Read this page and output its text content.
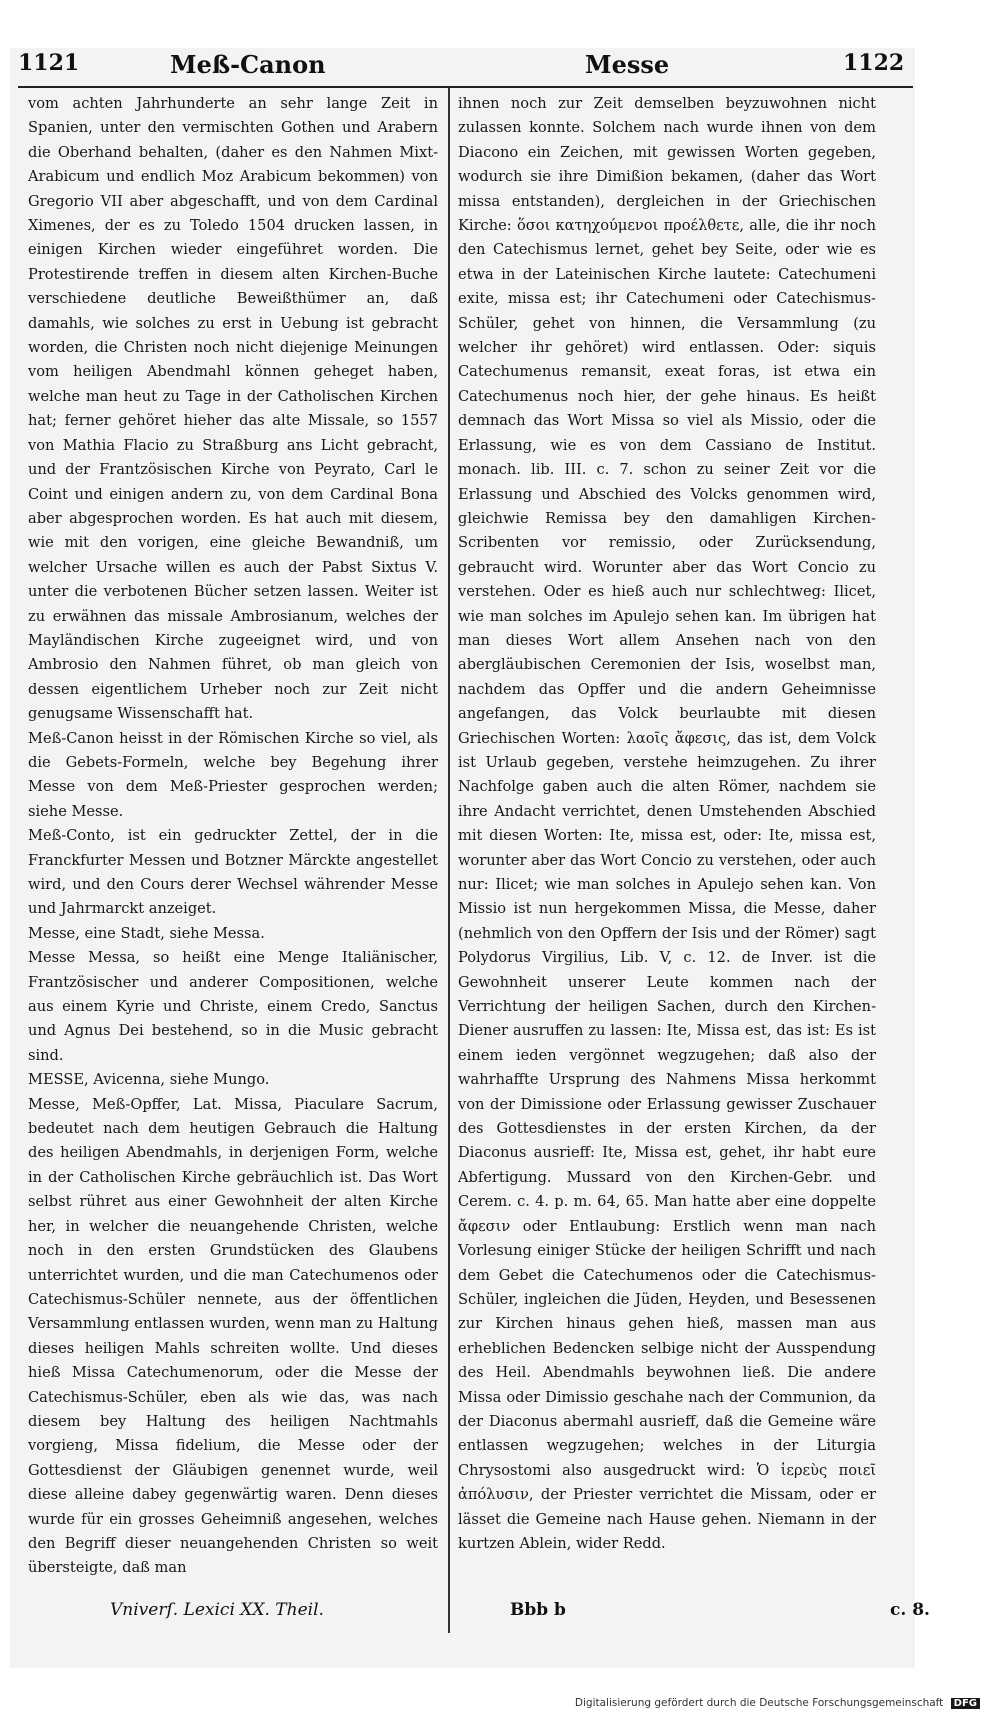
1121	Meß-Canon	Messe	1122

vom achten Jahrhunderte an sehr lange Zeit in Spanien, unter den vermischten Gothen und Arabern die Oberhand behalten, (daher es den Nahmen Mixt-Arabicum und endlich Moz Arabicum bekommen) von Gregorio VII aber abgeschafft, und von dem Cardinal Ximenes, der es zu Toledo 1504 drucken lassen, in einigen Kirchen wieder eingeführet worden. Die Protestirende treffen in diesem alten Kirchen-Buche verschiedene deutliche Beweißthümer an, daß damahls, wie solches zu erst in Uebung ist gebracht worden, die Christen noch nicht diejenige Meinungen vom heiligen Abendmahl können geheget haben, welche man heut zu Tage in der Catholischen Kirchen hat; ferner gehöret hieher das alte Missale, so 1557 von Mathia Flacio zu Straßburg ans Licht gebracht, und der Frantzösischen Kirche von Peyrato, Carl le Coint und einigen andern zu, von dem Cardinal Bona aber abgesprochen worden. Es hat auch mit diesem, wie mit den vorigen, eine gleiche Bewandniß, um welcher Ursache willen es auch der Pabst Sixtus V. unter die verbotenen Bücher setzen lassen. Weiter ist zu erwähnen das missale Ambrosianum, welches der Mayländischen Kirche zugeeignet wird, und von Ambrosio den Nahmen führet, ob man gleich von dessen eigentlichem Urheber noch zur Zeit nicht genugsame Wissenschafft hat.

Meß-Canon heisst in der Römischen Kirche so viel, als die Gebets-Formeln, welche bey Begehung ihrer Messe von dem Meß-Priester gesprochen werden; siehe Messe.

Meß-Conto, ist ein gedruckter Zettel, der in die Franckfurter Messen und Botzner Märckte angestellet wird, und den Cours derer Wechsel währender Messe und Jahrmarckt anzeiget.

Messe, eine Stadt, siehe Messa.

Messe Messa, so heißt eine Menge Italiänischer, Frantzösischer und anderer Compositionen, welche aus einem Kyrie und Christe, einem Credo, Sanctus und Agnus Dei bestehend, so in die Music gebracht sind.

MESSE, Avicenna, siehe Mungo.

Messe, Meß-Opffer, Lat. Missa, Piaculare Sacrum, bedeutet nach dem heutigen Gebrauch die Haltung des heiligen Abendmahls, in derjenigen Form, welche in der Catholischen Kirche gebräuchlich ist. Das Wort selbst rühret aus einer Gewohnheit der alten Kirche her, in welcher die neuangehende Christen, welche noch in den ersten Grundstücken des Glaubens unterrichtet wurden, und die man Catechumenos oder Catechismus-Schüler nennete, aus der öffentlichen Versammlung entlassen wurden, wenn man zu Haltung dieses heiligen Mahls schreiten wollte. Und dieses hieß Missa Catechumenorum, oder die Messe der Catechismus-Schüler, eben als wie das, was nach diesem bey Haltung des heiligen Nachtmahls vorgieng, Missa fidelium, die Messe oder der Gottesdienst der Gläubigen genennet wurde, weil diese alleine dabey gegenwärtig waren. Denn dieses wurde für ein grosses Geheimniß angesehen, welches den Begriff dieser neuangehenden Christen so weit übersteigte, daß man

ihnen noch zur Zeit demselben beyzuwohnen nicht zulassen konnte. Solchem nach wurde ihnen von dem Diacono ein Zeichen, mit gewissen Worten gegeben, wodurch sie ihre Dimißion bekamen, (daher das Wort missa entstanden), dergleichen in der Griechischen Kirche: ὅσοι κατηχούμενοι προέλθετε, alle, die ihr noch den Catechismus lernet, gehet bey Seite, oder wie es etwa in der Lateinischen Kirche lautete: Catechumeni exite, missa est; ihr Catechumeni oder Catechismus-Schüler, gehet von hinnen, die Versammlung (zu welcher ihr gehöret) wird entlassen. Oder: siquis Catechumenus remansit, exeat foras, ist etwa ein Catechumenus noch hier, der gehe hinaus. Es heißt demnach das Wort Missa so viel als Missio, oder die Erlassung, wie es von dem Cassiano de Institut. monach. lib. III. c. 7. schon zu seiner Zeit vor die Erlassung und Abschied des Volcks genommen wird, gleichwie Remissa bey den damahligen Kirchen-Scribenten vor remissio, oder Zurücksendung, gebraucht wird. Worunter aber das Wort Concio zu verstehen. Oder es hieß auch nur schlechtweg: Ilicet, wie man solches im Apulejo sehen kan. Im übrigen hat man dieses Wort allem Ansehen nach von den abergläubischen Ceremonien der Isis, woselbst man, nachdem das Opffer und die andern Geheimnisse angefangen, das Volck beurlaubte mit diesen Griechischen Worten: λαοῖς ἄφεσις, das ist, dem Volck ist Urlaub gegeben, verstehe heimzugehen. Zu ihrer Nachfolge gaben auch die alten Römer, nachdem sie ihre Andacht verrichtet, denen Umstehenden Abschied mit diesen Worten: Ite, missa est, oder: Ite, missa est, worunter aber das Wort Concio zu verstehen, oder auch nur: Ilicet; wie man solches in Apulejo sehen kan. Von Missio ist nun hergekommen Missa, die Messe, daher (nehmlich von den Opffern der Isis und der Römer) sagt Polydorus Virgilius, Lib. V, c. 12. de Inver. ist die Gewohnheit unserer Leute kommen nach der Verrichtung der heiligen Sachen, durch den Kirchen-Diener ausruffen zu lassen: Ite, Missa est, das ist: Es ist einem ieden vergönnet wegzugehen; daß also der wahrhaffte Ursprung des Nahmens Missa herkommt von der Dimissione oder Erlassung gewisser Zuschauer des Gottesdienstes in der ersten Kirchen, da der Diaconus ausrieff: Ite, Missa est, gehet, ihr habt eure Abfertigung. Mussard von den Kirchen-Gebr. und Cerem. c. 4. p. m. 64, 65. Man hatte aber eine doppelte ἄφεσιν oder Entlaubung: Erstlich wenn man nach Vorlesung einiger Stücke der heiligen Schrifft und nach dem Gebet die Catechumenos oder die Catechismus-Schüler, ingleichen die Jüden, Heyden, und Besessenen zur Kirchen hinaus gehen hieß, massen man aus erheblichen Bedencken selbige nicht der Ausspendung des Heil. Abendmahls beywohnen ließ. Die andere Missa oder Dimissio geschahe nach der Communion, da der Diaconus abermahl ausrieff, daß die Gemeine wäre entlassen wegzugehen; welches in der Liturgia Chrysostomi also ausgedruckt wird: Ὁ ἱερεὺς ποιεῖ ἀπόλυσιν, der Priester verrichtet die Missam, oder er lässet die Gemeine nach Hause gehen. Niemann in der kurtzen Ablein, wider Redd.

Vniverſ. Lexici XX. Theil.	Bbb b	c. 8.
Digitalisierung gefördert durch die Deutsche Forschungsgemeinschaft DFG
